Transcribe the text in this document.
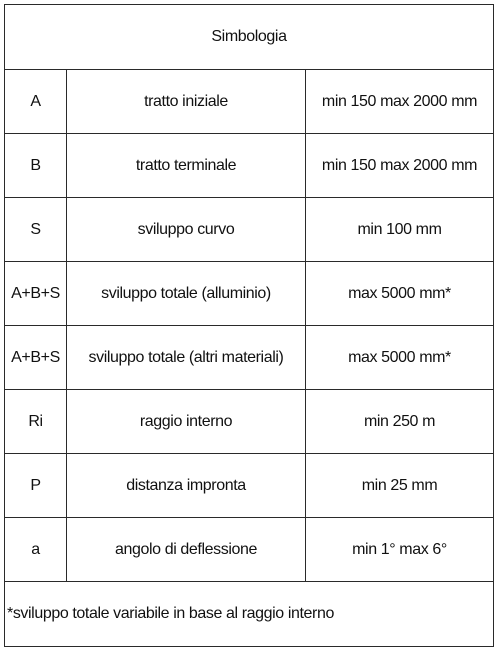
Simbologia		
A	tratto iniziale	min 150 max 2000 mm
B	tratto terminale	min 150 max 2000 mm
S	sviluppo curvo	min 100 mm
A+B+S	sviluppo totale (alluminio)	max 5000 mm*
A+B+S	sviluppo totale (altri materiali)	max 5000 mm*
Ri	raggio interno	min 250 m
P	distanza impronta	min 25 mm
a	angolo di deflessione	min 1° max 6°
*sviluppo totale variabile in base al raggio interno		
